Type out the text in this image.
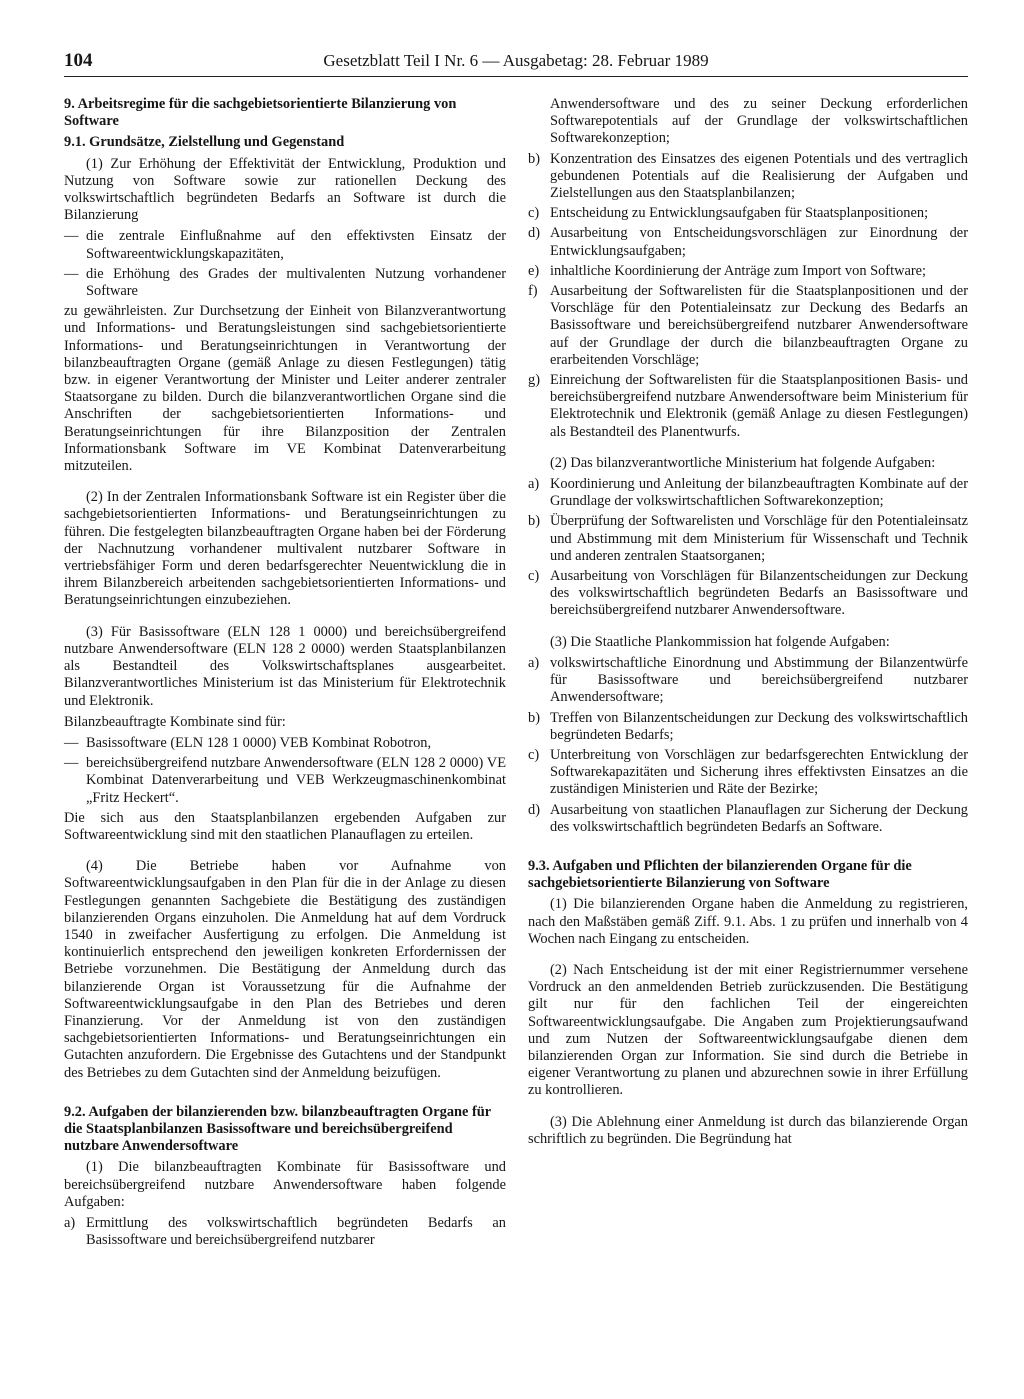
104	Gesetzblatt Teil I Nr. 6 — Ausgabetag: 28. Februar 1989

9. Arbeitsregime für die sachgebietsorientierte Bilanzierung von Software

9.1. Grundsätze, Zielstellung und Gegenstand

(1) Zur Erhöhung der Effektivität der Entwicklung, Produktion und Nutzung von Software sowie zur rationellen Deckung des volkswirtschaftlich begründeten Bedarfs an Software ist durch die Bilanzierung

— die zentrale Einflußnahme auf den effektivsten Einsatz der Softwareentwicklungskapazitäten,
— die Erhöhung des Grades der multivalenten Nutzung vorhandener Software

zu gewährleisten. Zur Durchsetzung der Einheit von Bilanzverantwortung und Informations- und Beratungsleistungen sind sachgebietsorientierte Informations- und Beratungseinrichtungen in Verantwortung der bilanzbeauftragten Organe (gemäß Anlage zu diesen Festlegungen) tätig bzw. in eigener Verantwortung der Minister und Leiter anderer zentraler Staatsorgane zu bilden. Durch die bilanzverantwortlichen Organe sind die Anschriften der sachgebietsorientierten Informations- und Beratungseinrichtungen für ihre Bilanzposition der Zentralen Informationsbank Software im VE Kombinat Datenverarbeitung mitzuteilen.

(2) In der Zentralen Informationsbank Software ist ein Register über die sachgebietsorientierten Informations- und Beratungseinrichtungen zu führen. Die festgelegten bilanzbeauftragten Organe haben bei der Förderung der Nachnutzung vorhandener multivalent nutzbarer Software in vertriebsfähiger Form und deren bedarfsgerechter Neuentwicklung die in ihrem Bilanzbereich arbeitenden sachgebietsorientierten Informations- und Beratungseinrichtungen einzubeziehen.

(3) Für Basissoftware (ELN 128 1 0000) und bereichsübergreifend nutzbare Anwendersoftware (ELN 128 2 0000) werden Staatsplanbilanzen als Bestandteil des Volkswirtschaftsplanes ausgearbeitet. Bilanzverantwortliches Ministerium ist das Ministerium für Elektrotechnik und Elektronik.

Bilanzbeauftragte Kombinate sind für:

— Basissoftware (ELN 128 1 0000) VEB Kombinat Robotron,
— bereichsübergreifend nutzbare Anwendersoftware (ELN 128 2 0000) VE Kombinat Datenverarbeitung und VEB Werkzeugmaschinenkombinat „Fritz Heckert“.

Die sich aus den Staatsplanbilanzen ergebenden Aufgaben zur Softwareentwicklung sind mit den staatlichen Planauflagen zu erteilen.

(4) Die Betriebe haben vor Aufnahme von Softwareentwicklungsaufgaben in den Plan für die in der Anlage zu diesen Festlegungen genannten Sachgebiete die Bestätigung des zuständigen bilanzierenden Organs einzuholen. Die Anmeldung hat auf dem Vordruck 1540 in zweifacher Ausfertigung zu erfolgen. Die Anmeldung ist kontinuierlich entsprechend den jeweiligen konkreten Erfordernissen der Betriebe vorzunehmen. Die Bestätigung der Anmeldung durch das bilanzierende Organ ist Voraussetzung für die Aufnahme der Softwareentwicklungsaufgabe in den Plan des Betriebes und deren Finanzierung. Vor der Anmeldung ist von den zuständigen sachgebietsorientierten Informations- und Beratungseinrichtungen ein Gutachten anzufordern. Die Ergebnisse des Gutachtens und der Standpunkt des Betriebes zu dem Gutachten sind der Anmeldung beizufügen.

9.2. Aufgaben der bilanzierenden bzw. bilanzbeauftragten Organe für die Staatsplanbilanzen Basissoftware und bereichsübergreifend nutzbare Anwendersoftware

(1) Die bilanzbeauftragten Kombinate für Basissoftware und bereichsübergreifend nutzbare Anwendersoftware haben folgende Aufgaben:

a) Ermittlung des volkswirtschaftlich begründeten Bedarfs an Basissoftware und bereichsübergreifend nutzbarer
Anwendersoftware und des zu seiner Deckung erforderlichen Softwarepotentials auf der Grundlage der volkswirtschaftlichen Softwarekonzeption;
b) Konzentration des Einsatzes des eigenen Potentials und des vertraglich gebundenen Potentials auf die Realisierung der Aufgaben und Zielstellungen aus den Staatsplanbilanzen;
c) Entscheidung zu Entwicklungsaufgaben für Staatsplanpositionen;
d) Ausarbeitung von Entscheidungsvorschlägen zur Einordnung der Entwicklungsaufgaben;
e) inhaltliche Koordinierung der Anträge zum Import von Software;
f) Ausarbeitung der Softwarelisten für die Staatsplanpositionen und der Vorschläge für den Potentialeinsatz zur Deckung des Bedarfs an Basissoftware und bereichsübergreifend nutzbarer Anwendersoftware auf der Grundlage der durch die bilanzbeauftragten Organe zu erarbeitenden Vorschläge;
g) Einreichung der Softwarelisten für die Staatsplanpositionen Basis- und bereichsübergreifend nutzbare Anwendersoftware beim Ministerium für Elektrotechnik und Elektronik (gemäß Anlage zu diesen Festlegungen) als Bestandteil des Planentwurfs.

(2) Das bilanzverantwortliche Ministerium hat folgende Aufgaben:

a) Koordinierung und Anleitung der bilanzbeauftragten Kombinate auf der Grundlage der volkswirtschaftlichen Softwarekonzeption;
b) Überprüfung der Softwarelisten und Vorschläge für den Potentialeinsatz und Abstimmung mit dem Ministerium für Wissenschaft und Technik und anderen zentralen Staatsorganen;
c) Ausarbeitung von Vorschlägen für Bilanzentscheidungen zur Deckung des volkswirtschaftlich begründeten Bedarfs an Basissoftware und bereichsübergreifend nutzbarer Anwendersoftware.

(3) Die Staatliche Plankommission hat folgende Aufgaben:

a) volkswirtschaftliche Einordnung und Abstimmung der Bilanzentwürfe für Basissoftware und bereichsübergreifend nutzbarer Anwendersoftware;
b) Treffen von Bilanzentscheidungen zur Deckung des volkswirtschaftlich begründeten Bedarfs;
c) Unterbreitung von Vorschlägen zur bedarfsgerechten Entwicklung der Softwarekapazitäten und Sicherung ihres effektivsten Einsatzes an die zuständigen Ministerien und Räte der Bezirke;
d) Ausarbeitung von staatlichen Planauflagen zur Sicherung der Deckung des volkswirtschaftlich begründeten Bedarfs an Software.

9.3. Aufgaben und Pflichten der bilanzierenden Organe für die sachgebietsorientierte Bilanzierung von Software

(1) Die bilanzierenden Organe haben die Anmeldung zu registrieren, nach den Maßstäben gemäß Ziff. 9.1. Abs. 1 zu prüfen und innerhalb von 4 Wochen nach Eingang zu entscheiden.

(2) Nach Entscheidung ist der mit einer Registriernummer versehene Vordruck an den anmeldenden Betrieb zurückzusenden. Die Bestätigung gilt nur für den fachlichen Teil der eingereichten Softwareentwicklungsaufgabe. Die Angaben zum Projektierungsaufwand und zum Nutzen der Softwareentwicklungsaufgabe dienen dem bilanzierenden Organ zur Information. Sie sind durch die Betriebe in eigener Verantwortung zu planen und abzurechnen sowie in ihrer Erfüllung zu kontrollieren.

(3) Die Ablehnung einer Anmeldung ist durch das bilanzierende Organ schriftlich zu begründen. Die Begründung hat
